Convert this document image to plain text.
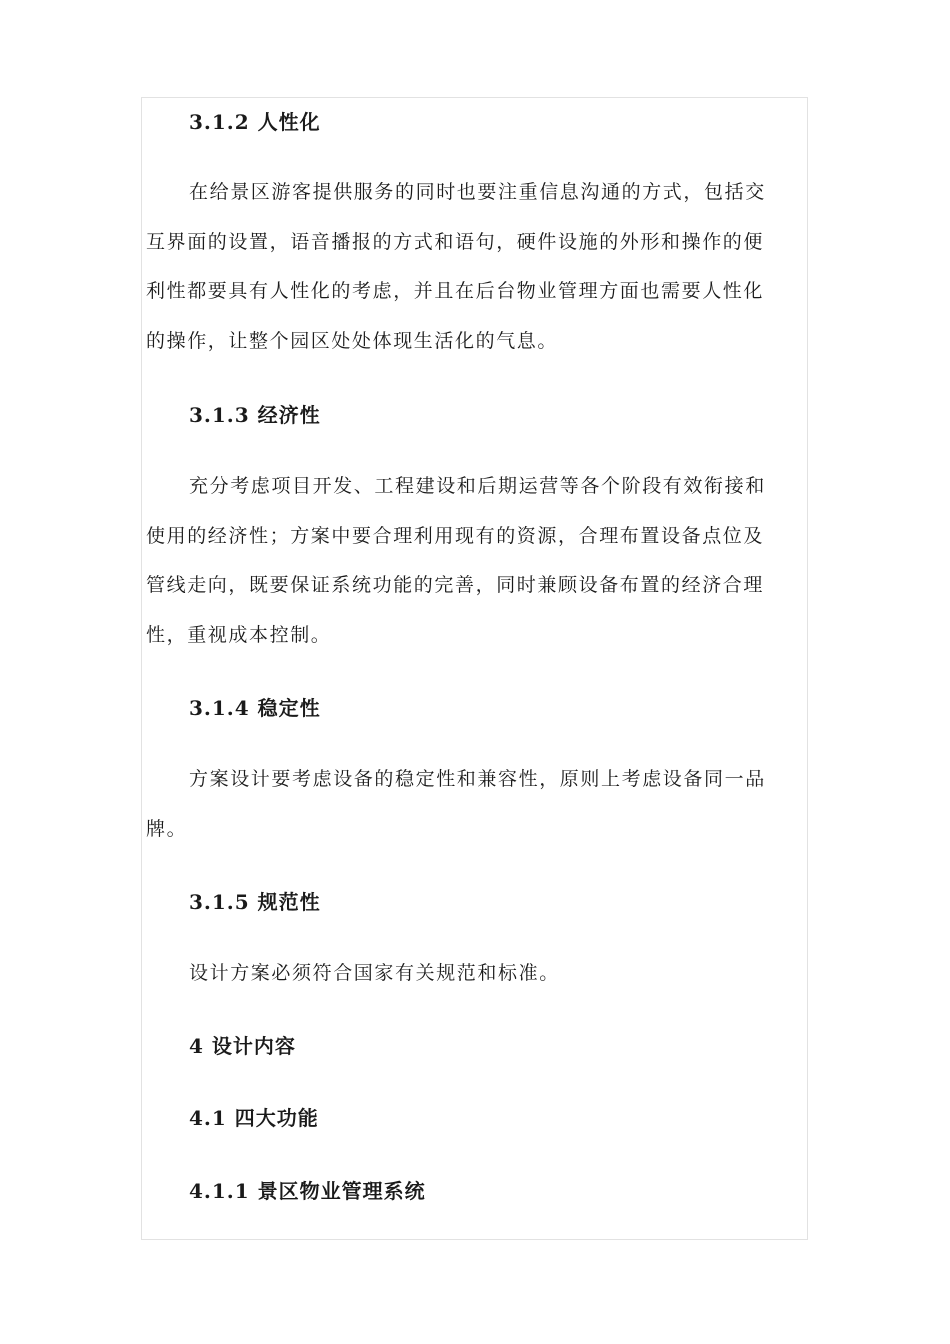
3.1.2 人性化
在给景区游客提供服务的同时也要注重信息沟通的方式，包括交
互界面的设置，语音播报的方式和语句，硬件设施的外形和操作的便
利性都要具有人性化的考虑，并且在后台物业管理方面也需要人性化
的操作，让整个园区处处体现生活化的气息。
3.1.3 经济性
充分考虑项目开发、工程建设和后期运营等各个阶段有效衔接和
使用的经济性；方案中要合理利用现有的资源，合理布置设备点位及
管线走向，既要保证系统功能的完善，同时兼顾设备布置的经济合理
性，重视成本控制。
3.1.4 稳定性
方案设计要考虑设备的稳定性和兼容性，原则上考虑设备同一品
牌。
3.1.5 规范性
设计方案必须符合国家有关规范和标准。
4 设计内容
4.1 四大功能
4.1.1 景区物业管理系统
